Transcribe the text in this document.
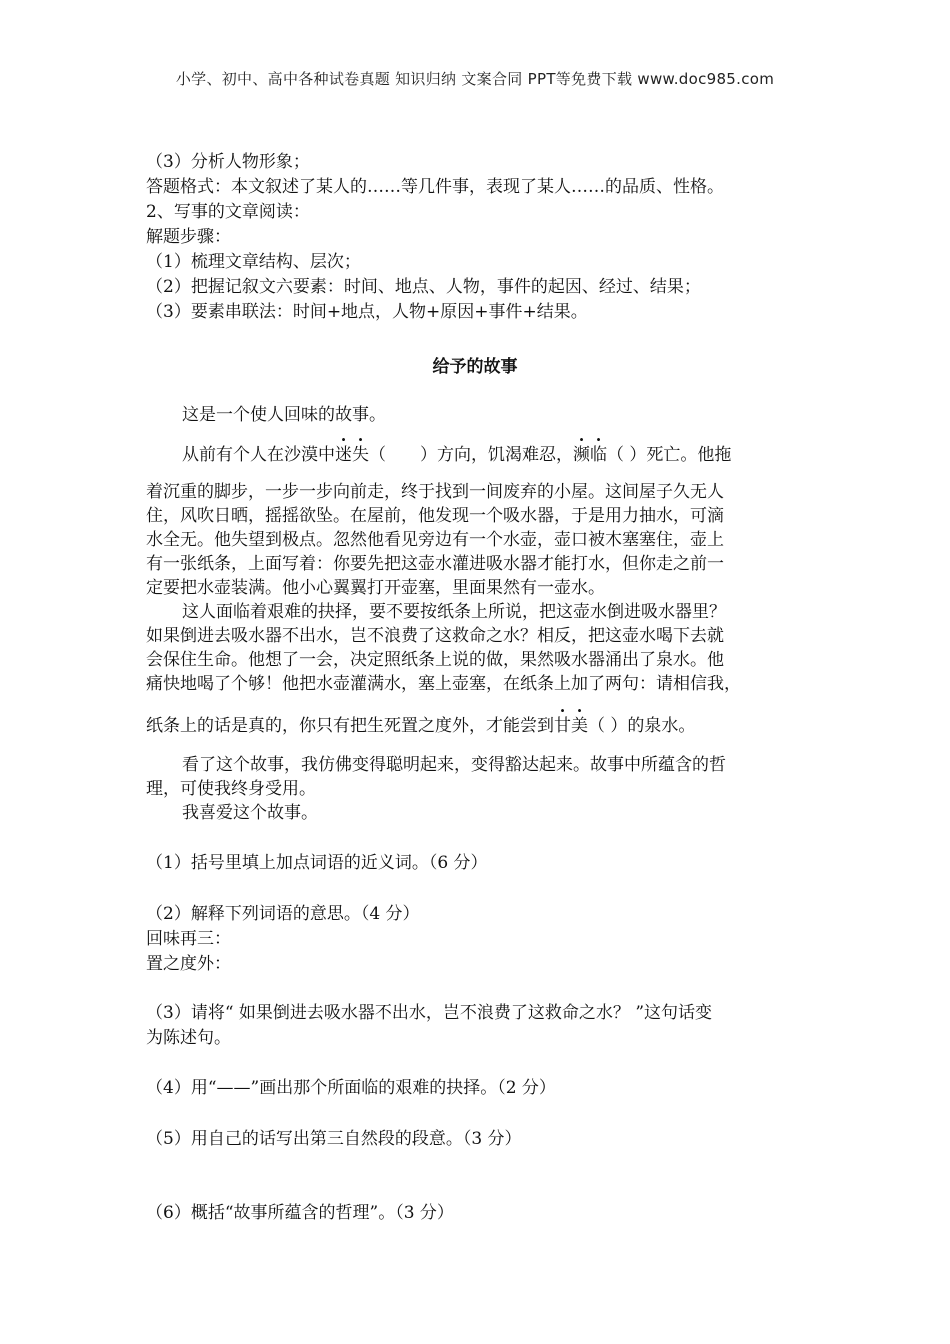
小学、初中、高中各种试卷真题 知识归纳 文案合同 PPT等免费下载 www.doc985.com
（3）分析人物形象；
答题格式：本文叙述了某人的……等几件事，表现了某人……的品质、性格。
2、写事的文章阅读：
解题步骤：
（1）梳理文章结构、层次；
（2）把握记叙文六要素：时间、地点、人物，事件的起因、经过、结果；
（3）要素串联法：时间+地点，人物+原因+事件+结果。
给予的故事
这是一个使人回味的故事。
从前有个人在沙漠中迷失（　　）方向，饥渴难忍，濒临（ ）死亡。他拖
着沉重的脚步，一步一步向前走，终于找到一间废弃的小屋。这间屋子久无人
住，风吹日晒，摇摇欲坠。在屋前，他发现一个吸水器，于是用力抽水，可滴
水全无。他失望到极点。忽然他看见旁边有一个水壶，壶口被木塞塞住，壶上
有一张纸条，上面写着：你要先把这壶水灌进吸水器才能打水，但你走之前一
定要把水壶装满。他小心翼翼打开壶塞，里面果然有一壶水。
这人面临着艰难的抉择，要不要按纸条上所说，把这壶水倒进吸水器里？
如果倒进去吸水器不出水，岂不浪费了这救命之水？相反，把这壶水喝下去就
会保住生命。他想了一会，决定照纸条上说的做，果然吸水器涌出了泉水。他
痛快地喝了个够！他把水壶灌满水，塞上壶塞，在纸条上加了两句：请相信我，
纸条上的话是真的，你只有把生死置之度外，才能尝到甘美（ ）的泉水。
看了这个故事，我仿佛变得聪明起来，变得豁达起来。故事中所蕴含的哲
理，可使我终身受用。
我喜爱这个故事。
（1）括号里填上加点词语的近义词。（6 分）
（2）解释下列词语的意思。（4 分）
回味再三：
置之度外：
（3）请将“ 如果倒进去吸水器不出水，岂不浪费了这救命之水？ ”这句话变
为陈述句。
（4）用“——”画出那个所面临的艰难的抉择。（2 分）
（5）用自己的话写出第三自然段的段意。（3 分）
（6）概括“故事所蕴含的哲理”。（3 分）
